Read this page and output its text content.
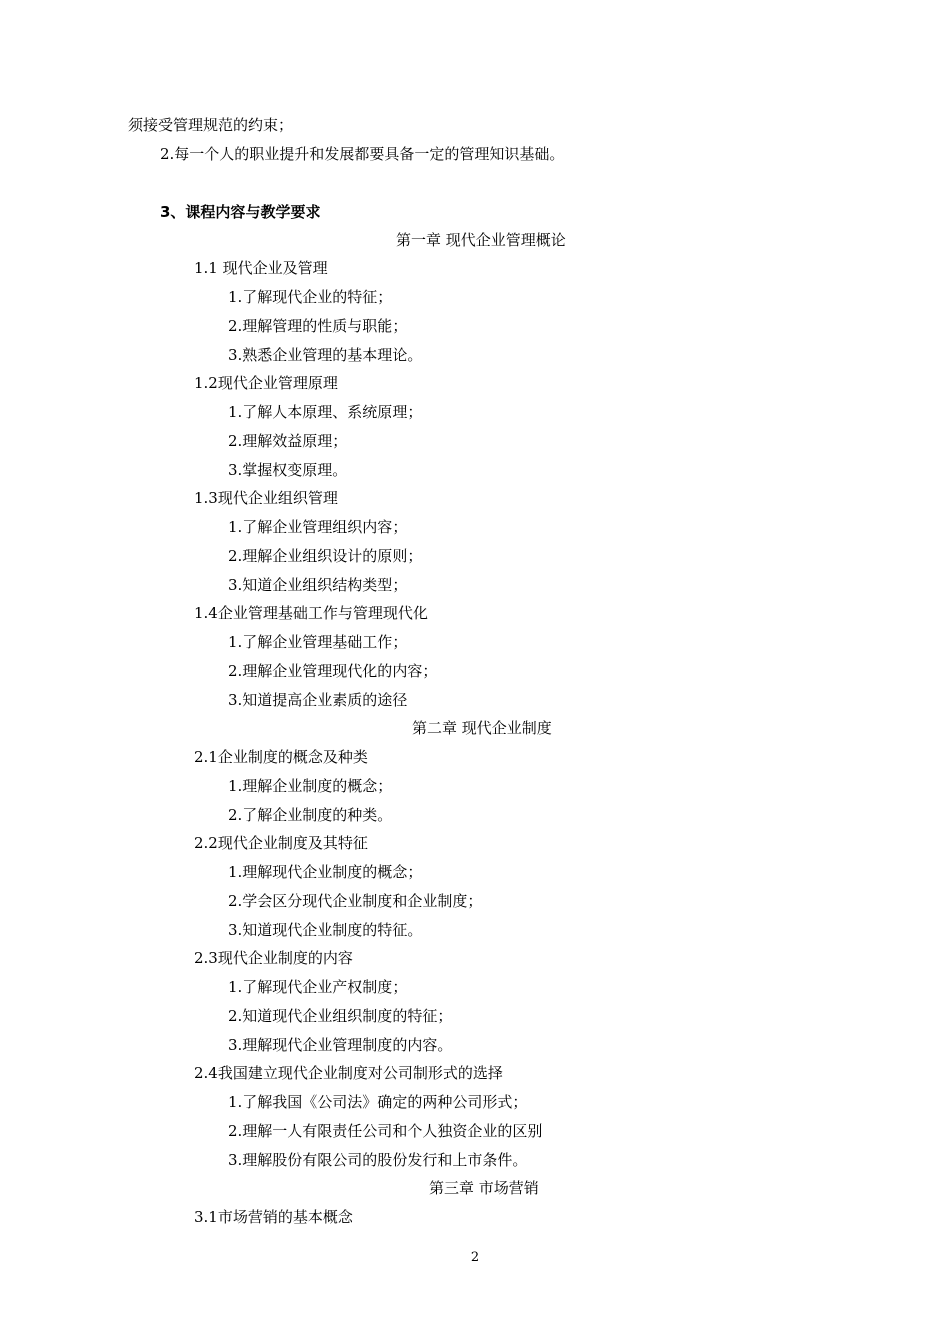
须接受管理规范的约束；
2.每一个人的职业提升和发展都要具备一定的管理知识基础。
3、课程内容与教学要求
第一章 现代企业管理概论
1.1 现代企业及管理
1.了解现代企业的特征；
2.理解管理的性质与职能；
3.熟悉企业管理的基本理论。
1.2现代企业管理原理
1.了解人本原理、系统原理；
2.理解效益原理；
3.掌握权变原理。
1.3现代企业组织管理
1.了解企业管理组织内容；
2.理解企业组织设计的原则；
3.知道企业组织结构类型；
1.4企业管理基础工作与管理现代化
1.了解企业管理基础工作；
2.理解企业管理现代化的内容；
3.知道提高企业素质的途径
第二章 现代企业制度
2.1企业制度的概念及种类
1.理解企业制度的概念；
2.了解企业制度的种类。
2.2现代企业制度及其特征
1.理解现代企业制度的概念；
2.学会区分现代企业制度和企业制度；
3.知道现代企业制度的特征。
2.3现代企业制度的内容
1.了解现代企业产权制度；
2.知道现代企业组织制度的特征；
3.理解现代企业管理制度的内容。
2.4我国建立现代企业制度对公司制形式的选择
1.了解我国《公司法》确定的两种公司形式；
2.理解一人有限责任公司和个人独资企业的区别
3.理解股份有限公司的股份发行和上市条件。
第三章 市场营销
3.1市场营销的基本概念
2
